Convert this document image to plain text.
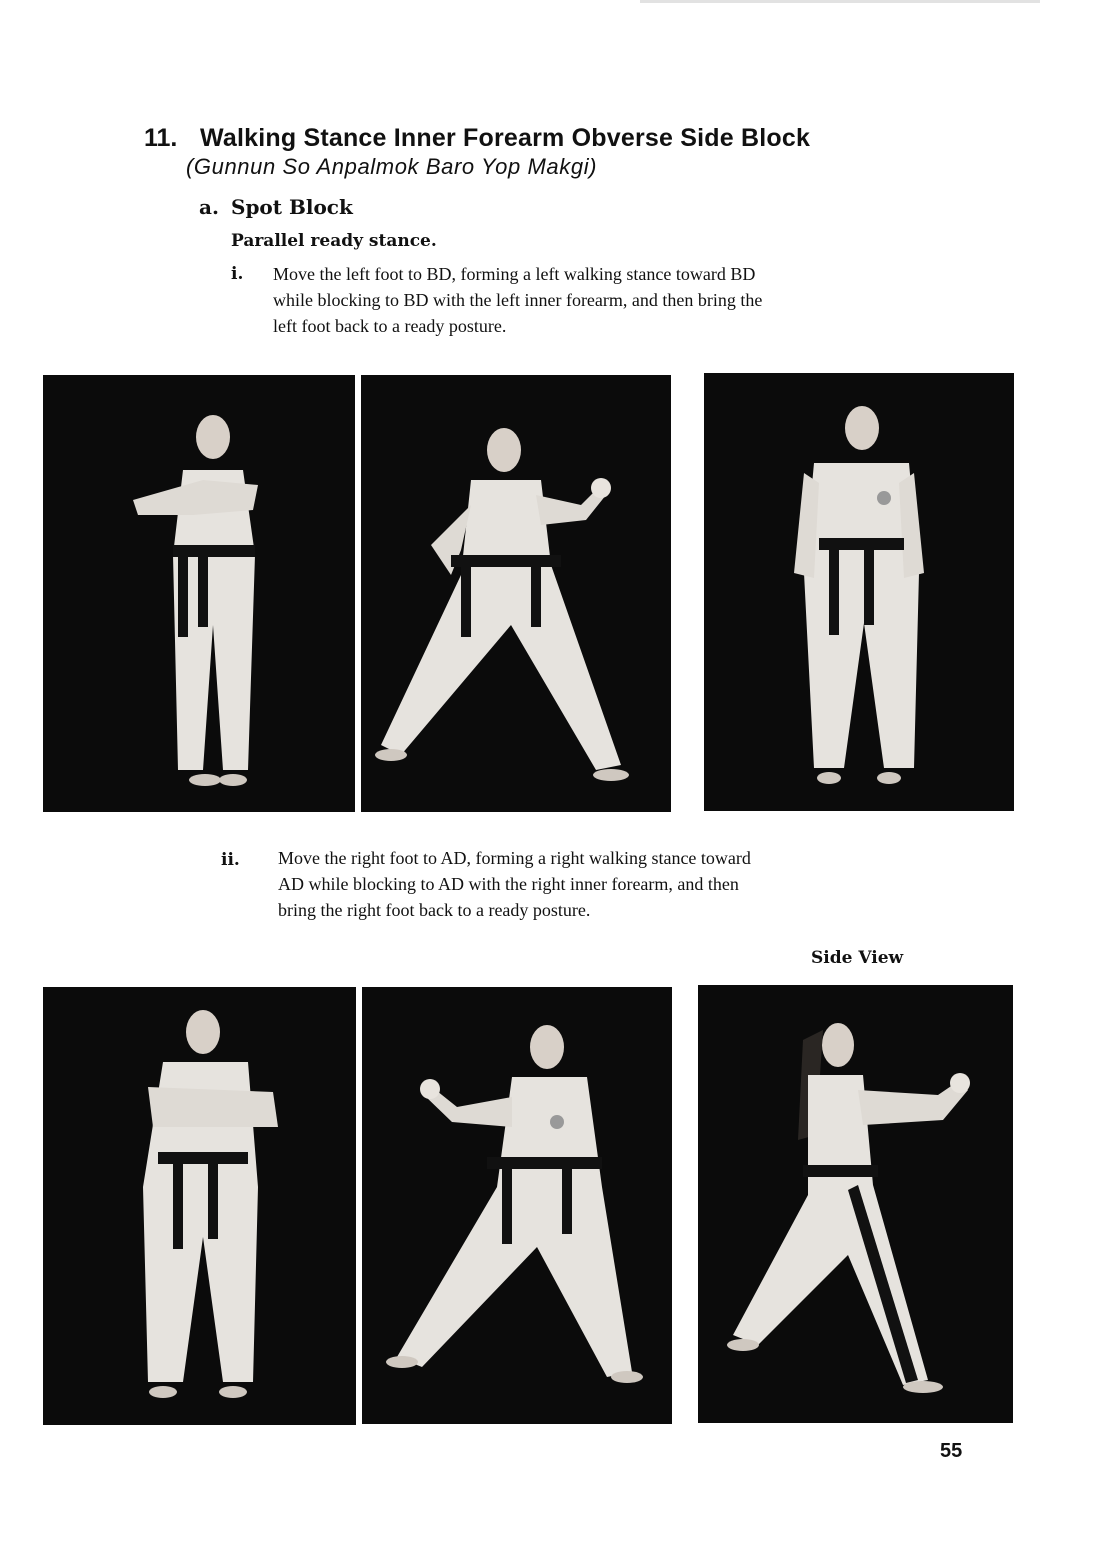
11. Walking Stance Inner Forearm Obverse Side Block
(Gunnun So Anpalmok Baro Yop Makgi)
a. Spot Block
Parallel ready stance.
i. Move the left foot to BD, forming a left walking stance toward BD
while blocking to BD with the left inner forearm, and then bring the
left foot back to a ready posture.
ii. Move the right foot to AD, forming a right walking stance toward
AD while blocking to AD with the right inner forearm, and then
bring the right foot back to a ready posture.
Side View
55
